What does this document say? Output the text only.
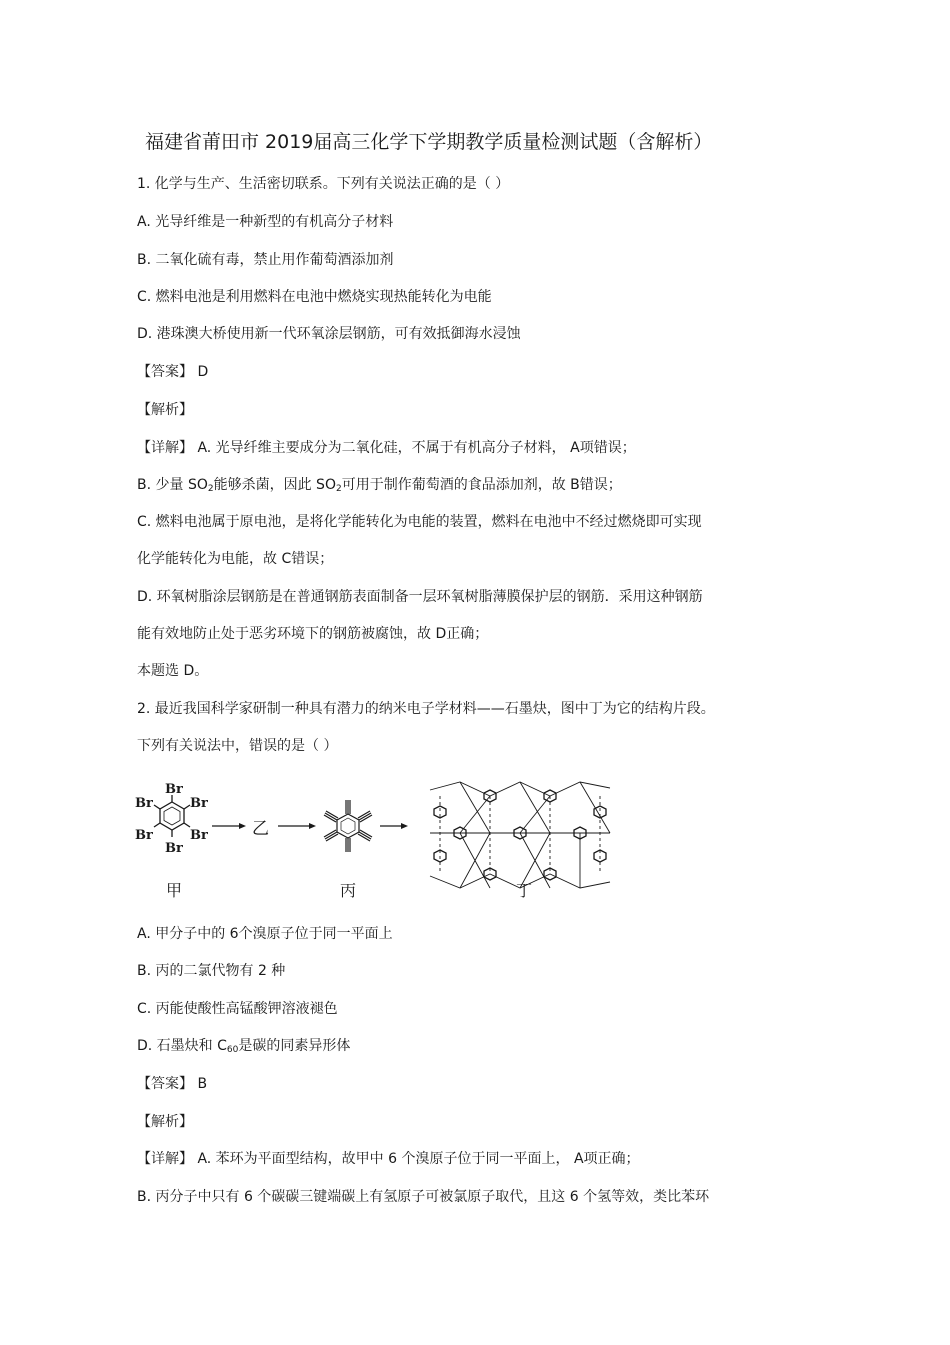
福建省莆田市 2019届高三化学下学期教学质量检测试题（含解析）
1. 化学与生产、生活密切联系。下列有关说法正确的是（ ）
A. 光导纤维是一种新型的有机高分子材料
B. 二氧化硫有毒，禁止用作葡萄酒添加剂
C. 燃料电池是利用燃料在电池中燃烧实现热能转化为电能
D. 港珠澳大桥使用新一代环氧涂层钢筋，可有效抵御海水浸蚀
【答案】 D
【解析】
【详解】 A. 光导纤维主要成分为二氧化硅，不属于有机高分子材料， A项错误；
B. 少量 $SO_2$能够杀菌，因此 $SO_2$可用于制作葡萄酒的食品添加剂，故 B错误；
C. 燃料电池属于原电池，是将化学能转化为电能的装置，燃料在电池中不经过燃烧即可实现
化学能转化为电能，故 C错误；
D. 环氧树脂涂层钢筋是在普通钢筋表面制备一层环氧树脂薄膜保护层的钢筋．采用这种钢筋
能有效地防止处于恶劣环境下的钢筋被腐蚀，故 D正确；
本题选 D。
2. 最近我国科学家研制一种具有潜力的纳米电子学材料——石墨炔，图中丁为它的结构片段。
下列有关说法中，错误的是（ ）
Br
Br
Br
Br
Br
Br
乙
甲	丙	丁
A. 甲分子中的 6个溴原子位于同一平面上
B. 丙的二氯代物有 2 种
C. 丙能使酸性高锰酸钾溶液褪色
D. 石墨炔和 $C_{60}$是碳的同素异形体
【答案】 B
【解析】
【详解】 A. 苯环为平面型结构，故甲中 6 个溴原子位于同一平面上， A项正确；
B. 丙分子中只有 6 个碳碳三键端碳上有氢原子可被氯原子取代，且这 6 个氢等效，类比苯环
